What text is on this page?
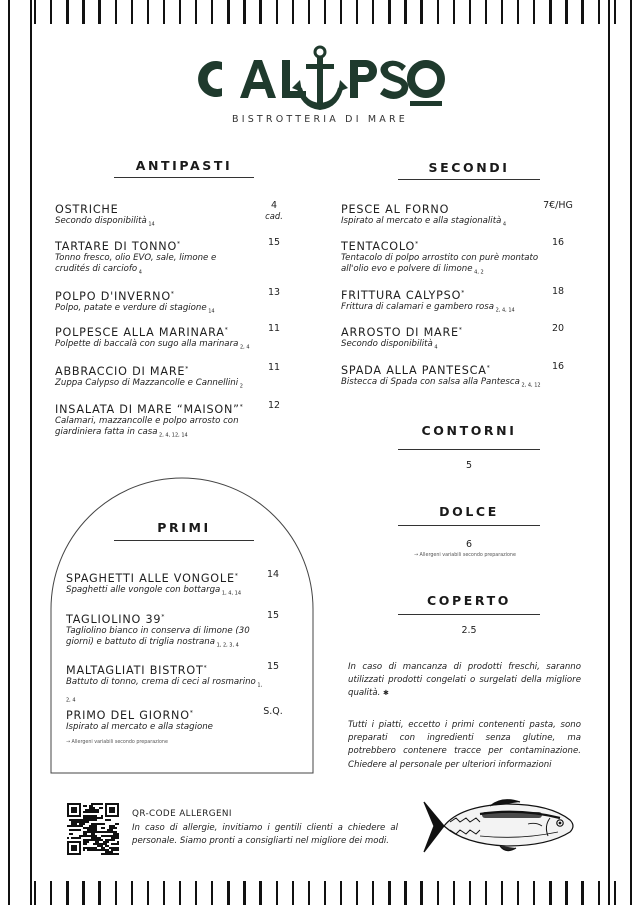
BISTROTTERIA DI MARE
ANTIPASTI
OSTRICHE	4
cad.
Secondo disponibilità $_{14}$
TARTARE DI TONNO*	15
Tonno fresco, olio EVO, sale, limone e crudités di carciofo $_4$
POLPO D'INVERNO*	13
Polpo, patate e verdure di stagione $_{14}$
POLPESCE ALLA MARINARA*	11
Polpette di baccalà con sugo alla marinara $_{2, 4}$
ABBRACCIO DI MARE*	11
Zuppa Calypso di Mazzancolle e Cannellini $_2$
INSALATA DI MARE “MAISON”*	12
Calamari, mazzancolle e polpo arrosto con giardiniera fatta in casa $_{2, 4, 12, 14}$
SECONDI
PESCE AL FORNO	7€/HG
Ispirato al mercato e alla stagionalità $_4$
TENTACOLO*	16
Tentacolo di polpo arrostito con purè montato all'olio evo e polvere di limone $_{4, 2}$
FRITTURA CALYPSO*	18
Frittura di calamari e gambero rosa $_{2, 4, 14}$
ARROSTO DI MARE*	20
Secondo disponibilità $_4$
SPADA ALLA PANTESCA*	16
Bistecca di Spada con salsa alla Pantesca $_{2, 4, 12}$
CONTORNI
5
DOLCE
6
→ Allergeni variabili secondo preparazione
COPERTO
2.5
In caso di mancanza di prodotti freschi, saranno utilizzati prodotti congelati o surgelati della migliore qualità. ✱
Tutti i piatti, eccetto i primi contenenti pasta, sono preparati con ingredienti senza glutine, ma potrebbero contenere tracce per contaminazione. Chiedere al personale per ulteriori informazioni
PRIMI
SPAGHETTI ALLE VONGOLE*	14
Spaghetti alle vongole con bottarga $_{1, 4, 14}$
TAGLIOLINO 39*	15
Tagliolino bianco in conserva di limone (30 giorni) e battuto di triglia nostrana $_{1, 2, 3, 4}$
MALTAGLIATI BISTROT*	15
Battuto di tonno, crema di ceci al rosmarino $_{1, 2, 4}$
PRIMO DEL GIORNO*	S.Q.
Ispirato al mercato e alla stagione
→ Allergeni variabili secondo preparazione
QR-CODE ALLERGENI
In caso di allergie, invitiamo i gentili clienti a chiedere al personale. Siamo pronti a consigliarti nel migliore dei modi.
